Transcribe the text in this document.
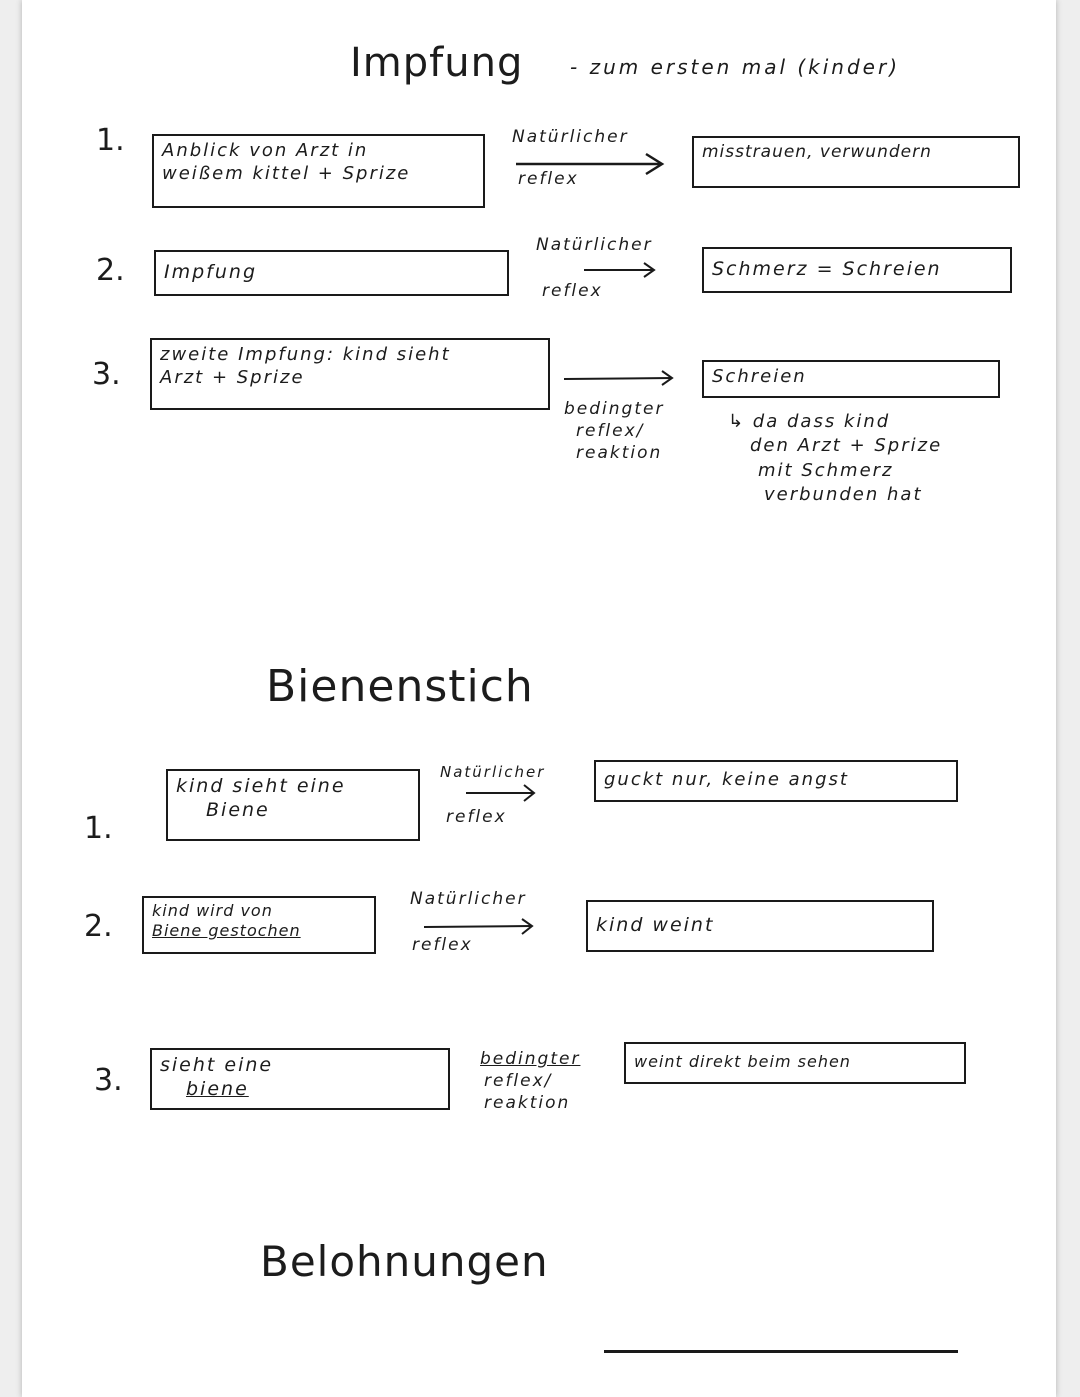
Impfung - zum ersten mal (kinder)
1. Anblick von Arzt in
weißem kittel + Sprize
Natürlicher
reflex
misstrauen, verwundern
2. Impfung
Natürlicher
reflex
Schmerz = Schreien
3.
zweite Impfung: kind sieht
Arzt + Sprize
bedingter
reflex/
reaktion
Schreien
↳ da dass kind
den Arzt + Sprize
mit Schmerz
verbunden hat
Bienenstich
1.
kind sieht eine
Biene
Natürlicher
reflex
guckt nur, keine angst
2. kind wird von
Biene gestochen
Natürlicher
reflex
kind weint
3. sieht eine
biene
bedingter
reflex/
reaktion
weint direkt beim sehen
Belohnungen
